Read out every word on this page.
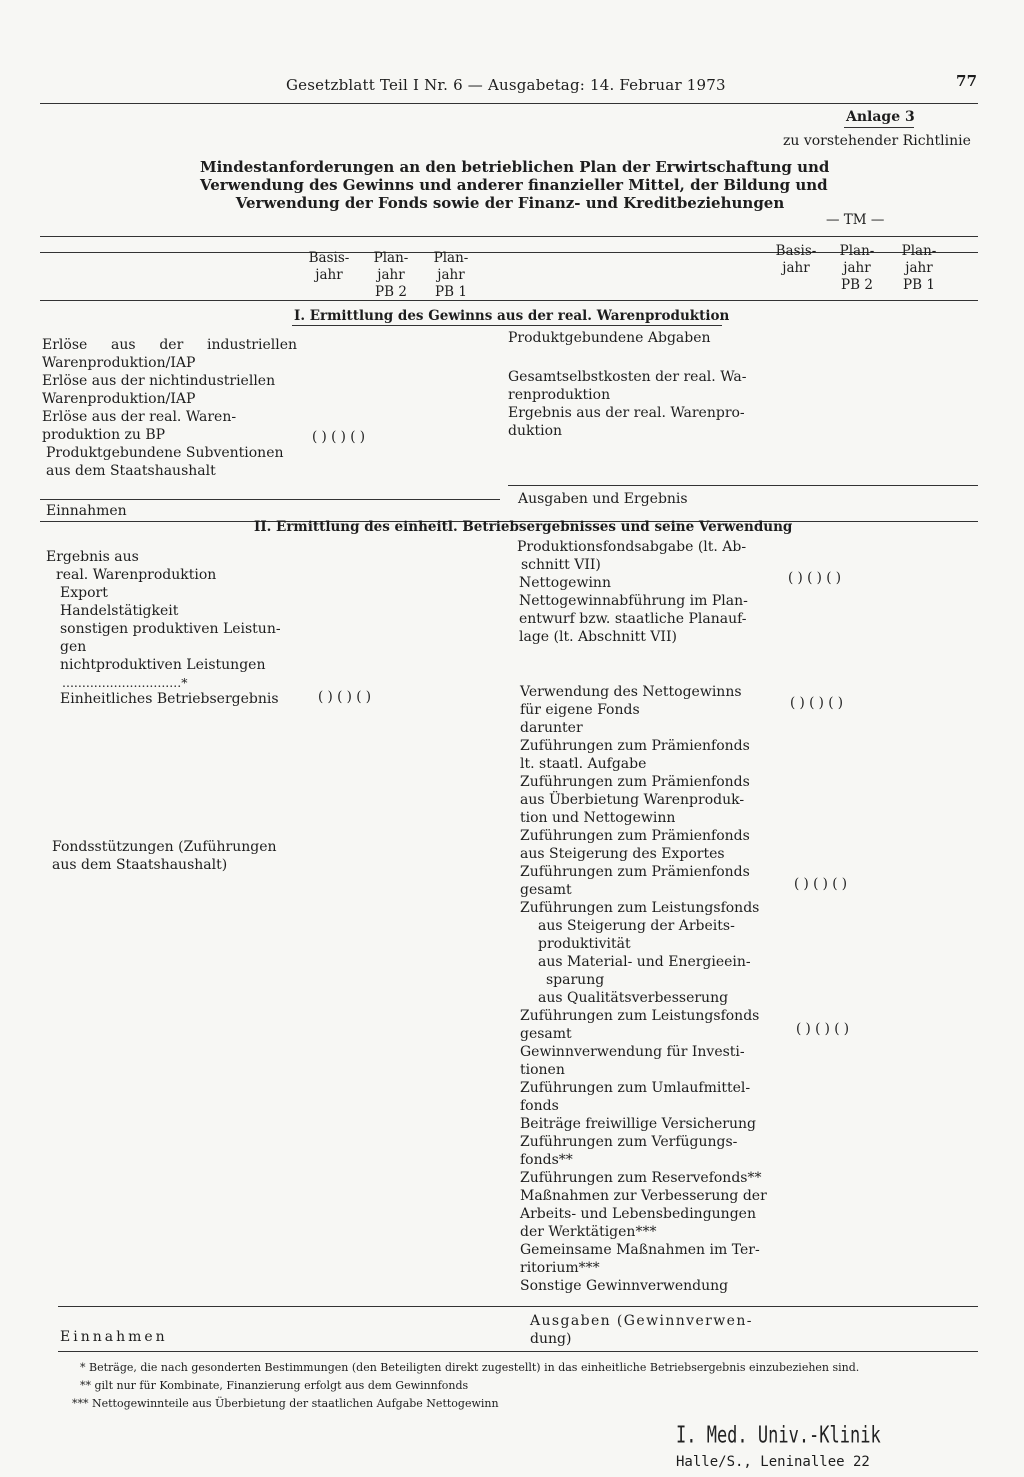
Gesetzblatt Teil I Nr. 6 — Ausgabetag: 14. Februar 1973	77
Anlage 3
zu vorstehender Richtlinie
Mindestanforderungen an den betrieblichen Plan der Erwirtschaftung und
Verwendung des Gewinns und anderer finanzieller Mittel, der Bildung und
Verwendung der Fonds sowie der Finanz- und Kreditbeziehungen
— TM —
Basis-
jahr
Plan-
jahr
PB 2
Plan-
jahr
PB 1
Basis-
jahr
Plan-
jahr
PB 2
Plan-
jahr
PB 1
I. Ermittlung des Gewinns aus der real. Warenproduktion
Erlöse aus der industriellen
Warenproduktion/IAP
Erlöse aus der nichtindustriellen
Warenproduktion/IAP
Erlöse aus der real. Waren-
produktion zu BP
Produktgebundene Subventionen
aus dem Staatshaushalt
( ) ( ) ( )
Produktgebundene Abgaben
Gesamtselbstkosten der real. Wa-
renproduktion
Ergebnis aus der real. Warenpro-
duktion
Ausgaben und Ergebnis
Einnahmen
II. Ermittlung des einheitl. Betriebsergebnisses und seine Verwendung
Ergebnis aus
real. Warenproduktion
Export
Handelstätigkeit
sonstigen produktiven Leistun-
gen
nichtproduktiven Leistungen
..............................*
Einheitliches Betriebsergebnis	( ) ( ) ( )
Fondsstützungen (Zuführungen
aus dem Staatshaushalt)
Produktionsfondsabgabe (lt. Ab-
schnitt VII)
Nettogewinn
Nettogewinnabführung im Plan-
entwurf bzw. staatliche Planauf-
lage (lt. Abschnitt VII)
( ) ( ) ( )
Verwendung des Nettogewinns
für eigene Fonds
darunter
Zuführungen zum Prämienfonds
lt. staatl. Aufgabe
Zuführungen zum Prämienfonds
aus Überbietung Warenproduk-
tion und Nettogewinn
Zuführungen zum Prämienfonds
aus Steigerung des Exportes
Zuführungen zum Prämienfonds
gesamt
Zuführungen zum Leistungsfonds
aus Steigerung der Arbeits-
produktivität
aus Material- und Energieein-
sparung
aus Qualitätsverbesserung
Zuführungen zum Leistungsfonds
gesamt
Gewinnverwendung für Investi-
tionen
Zuführungen zum Umlaufmittel-
fonds
Beiträge freiwillige Versicherung
Zuführungen zum Verfügungs-
fonds**
Zuführungen zum Reservefonds**
Maßnahmen zur Verbesserung der
Arbeits- und Lebensbedingungen
der Werktätigen***
Gemeinsame Maßnahmen im Ter-
ritorium***
Sonstige Gewinnverwendung
( ) ( ) ( )
( ) ( ) ( )
( ) ( ) ( )
Ausgaben (Gewinnverwen-
dung)
Einnahmen
* Beträge, die nach gesonderten Bestimmungen (den Beteiligten direkt zugestellt) in das einheitliche Betriebsergebnis einzubeziehen sind.
** gilt nur für Kombinate, Finanzierung erfolgt aus dem Gewinnfonds
*** Nettogewinnteile aus Überbietung der staatlichen Aufgabe Nettogewinn
I. Med. Univ.-Klinik
Halle/S., Leninallee 22
